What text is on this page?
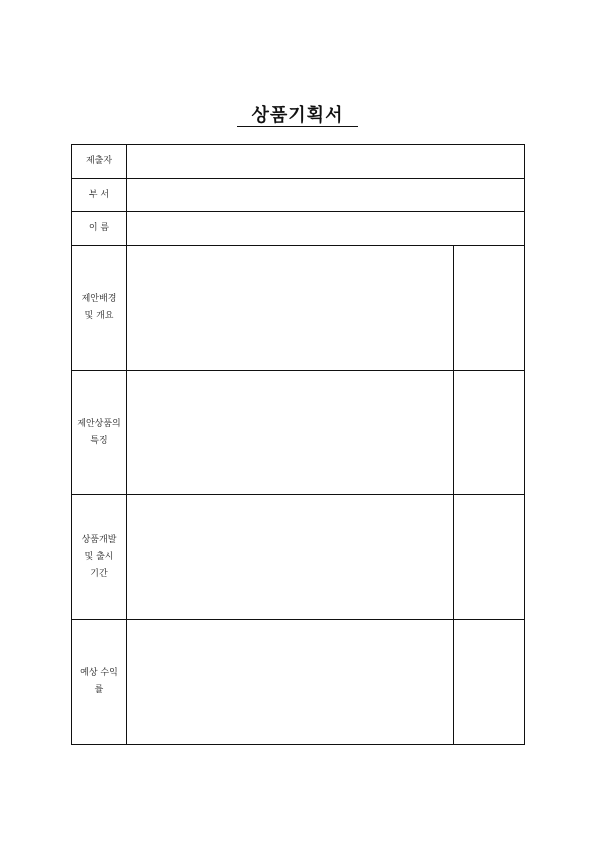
상품기획서
제출자
부 서
이 름
제안배경
및 개요
제안상품의
특징
상품개발
및 출시
기간
예상 수익
률
